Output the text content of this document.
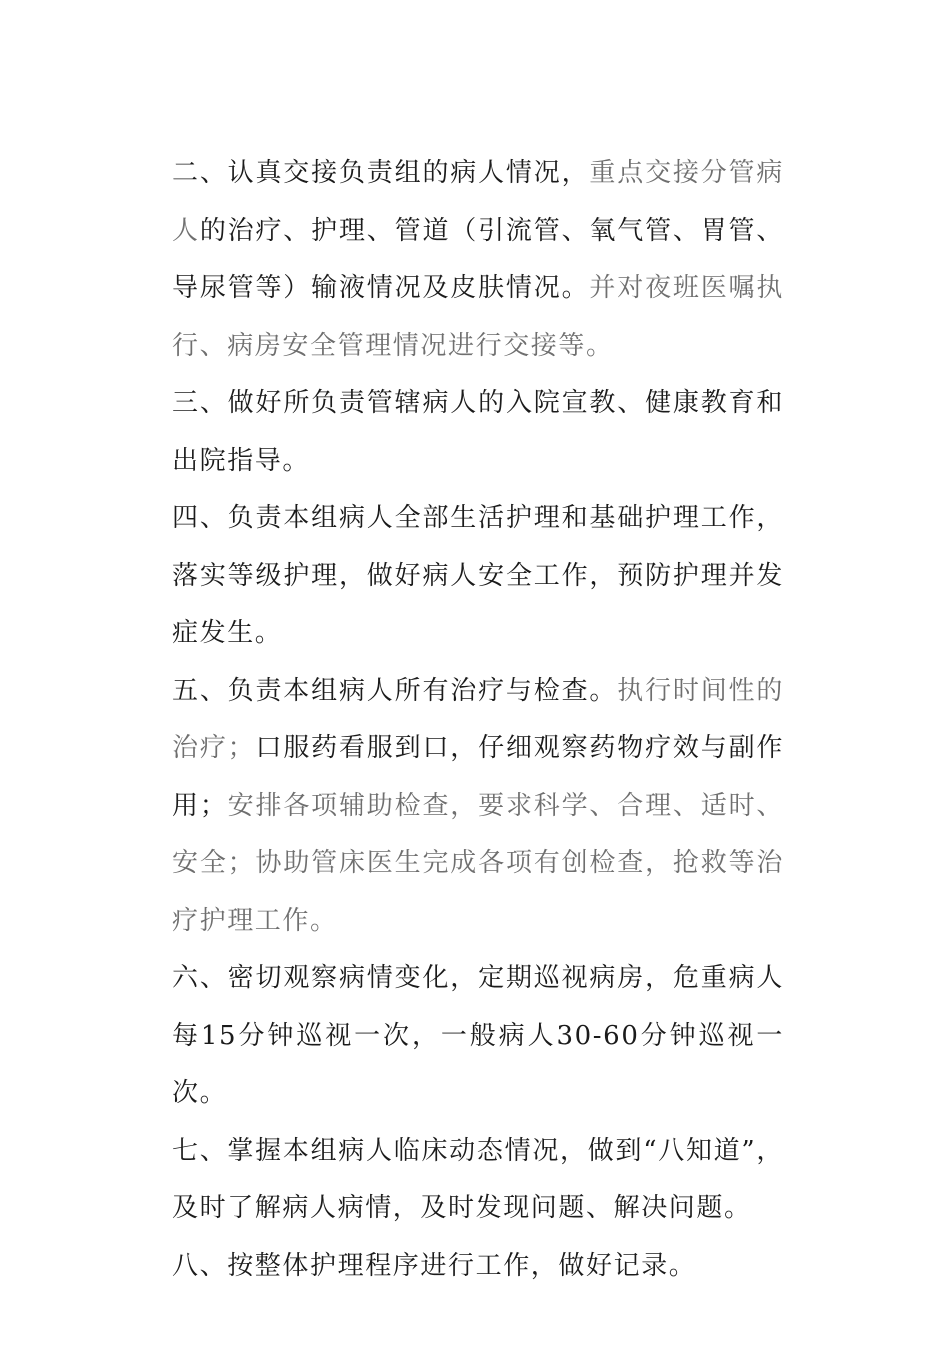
二、认真交接负责组的病人情况，重点交接分管病人的治疗、护理、管道（引流管、氧气管、胃管、导尿管等）输液情况及皮肤情况。并对夜班医嘱执行、病房安全管理情况进行交接等。

三、做好所负责管辖病人的入院宣教、健康教育和出院指导。

四、负责本组病人全部生活护理和基础护理工作，落实等级护理，做好病人安全工作，预防护理并发症发生。

五、负责本组病人所有治疗与检查。执行时间性的治疗；口服药看服到口，仔细观察药物疗效与副作用；安排各项辅助检查，要求科学、合理、适时、安全；协助管床医生完成各项有创检查，抢救等治疗护理工作。

六、密切观察病情变化，定期巡视病房，危重病人每15分钟巡视一次，一般病人30-60分钟巡视一次。

七、掌握本组病人临床动态情况，做到“八知道”，及时了解病人病情，及时发现问题、解决问题。

八、按整体护理程序进行工作，做好记录。
